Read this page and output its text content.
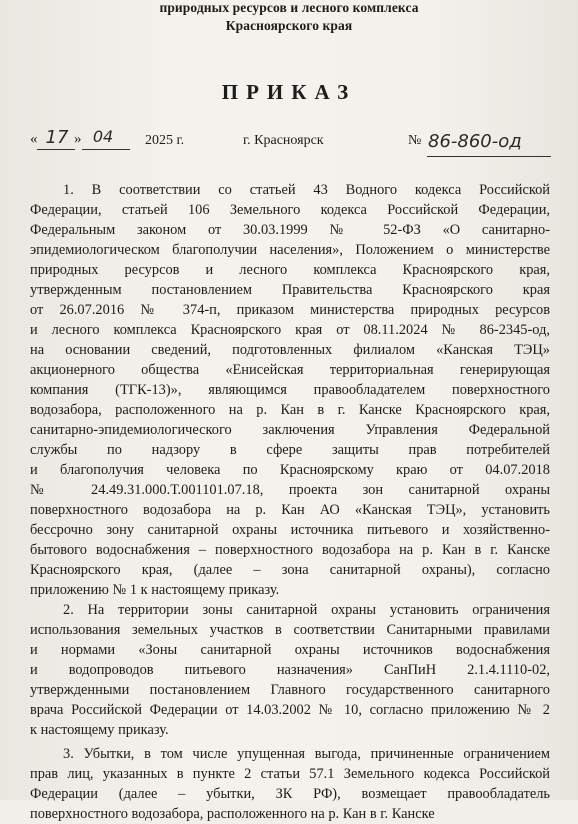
природных ресурсов и лесного комплекса
Красноярского края
ПРИКАЗ
« 17 » 04	2025 г.	г. Красноярск	№ 86-860-од
1. В соответствии со статьей 43 Водного кодекса Российской
Федерации, статьей 106 Земельного кодекса Российской Федерации,
Федеральным законом от 30.03.1999 № 52-ФЗ «О санитарно-
эпидемиологическом благополучии населения», Положением о министерстве
природных ресурсов и лесного комплекса Красноярского края,
утвержденным постановлением Правительства Красноярского края
от 26.07.2016 № 374-п, приказом министерства природных ресурсов
и лесного комплекса Красноярского края от 08.11.2024 № 86-2345-од,
на основании сведений, подготовленных филиалом «Канская ТЭЦ»
акционерного общества «Енисейская территориальная генерирующая
компания (ТГК-13)», являющимся правообладателем поверхностного
водозабора, расположенного на р. Кан в г. Канске Красноярского края,
санитарно-эпидемиологического заключения Управления Федеральной
службы по надзору в сфере защиты прав потребителей
и благополучия человека по Красноярскому краю от 04.07.2018
№ 24.49.31.000.Т.001101.07.18, проекта зон санитарной охраны
поверхностного водозабора на р. Кан АО «Канская ТЭЦ», установить
бессрочно зону санитарной охраны источника питьевого и хозяйственно-
бытового водоснабжения – поверхностного водозабора на р. Кан в г. Канске
Красноярского края, (далее – зона санитарной охраны), согласно
приложению № 1 к настоящему приказу.
2. На территории зоны санитарной охраны установить ограничения
использования земельных участков в соответствии Санитарными правилами
и нормами «Зоны санитарной охраны источников водоснабжения
и водопроводов питьевого назначения» СанПиН 2.1.4.1110-02,
утвержденными постановлением Главного государственного санитарного
врача Российской Федерации от 14.03.2002 № 10, согласно приложению № 2
к настоящему приказу.
3. Убытки, в том числе упущенная выгода, причиненные ограничением
прав лиц, указанных в пункте 2 статьи 57.1 Земельного кодекса Российской
Федерации (далее – убытки, ЗК РФ), возмещает правообладатель
поверхностного водозабора, расположенного на р. Кан в г. Канске
